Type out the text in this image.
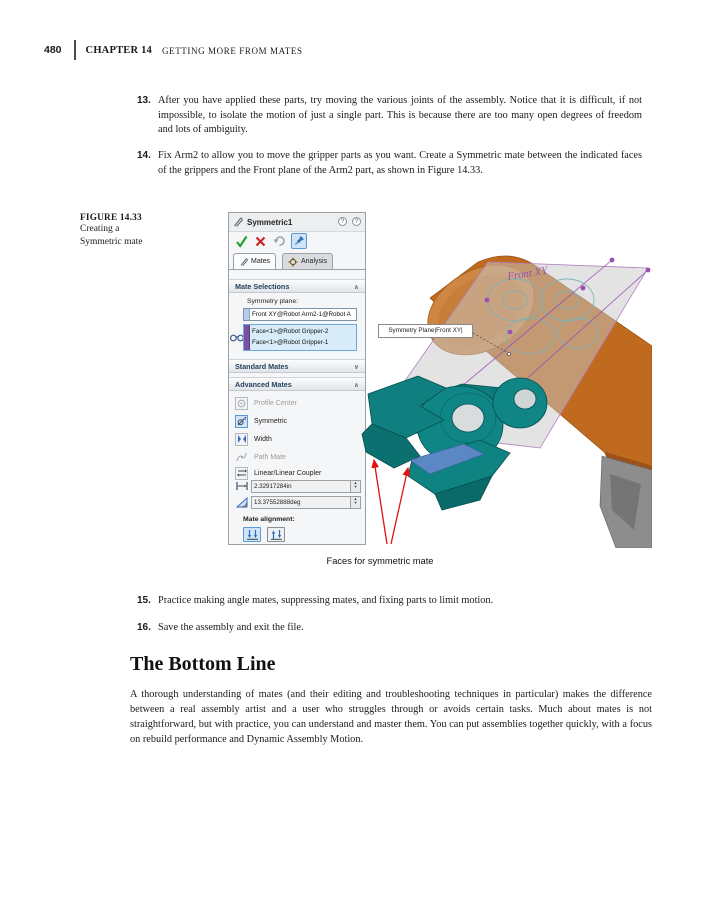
480 CHAPTER 14 GETTING MORE FROM MATES
13. After you have applied these parts, try moving the various joints of the assembly. Notice that it is difficult, if not impossible, to isolate the motion of just a single part. This is because there are too many open degrees of freedom and lots of ambiguity.
14. Fix Arm2 to allow you to move the gripper parts as you want. Create a Symmetric mate between the indicated faces of the grippers and the Front plane of the Arm2 part, as shown in Figure 14.33.
FIGURE 14.33
Creating a
Symmetric mate
Symmetric1	?	?
Mates	Analysis
Mate Selections	∧
Symmetry plane:
Front XY@Robot Arm2-1@Robot A
Face<1>@Robot Gripper-2
Face<1>@Robot Gripper-1
Standard Mates	∨
Advanced Mates	∧
Profile Center
Symmetric
Width
Path Mate
Linear/Linear Coupler
2.32917284in	▴
▾
13.37552888deg	▴
▾
Mate alignment:
Front XY
Symmetry Plane|Front XY|
Faces for symmetric mate
15. Practice making angle mates, suppressing mates, and fixing parts to limit motion.
16. Save the assembly and exit the file.
The Bottom Line
A thorough understanding of mates (and their editing and troubleshooting techniques in particular) makes the difference between a real assembly artist and a user who struggles through or avoids certain tasks. Much about mates is not straightforward, but with practice, you can understand and master them. You can put assemblies together quickly, with a focus on rebuild performance and Dynamic Assembly Motion.
